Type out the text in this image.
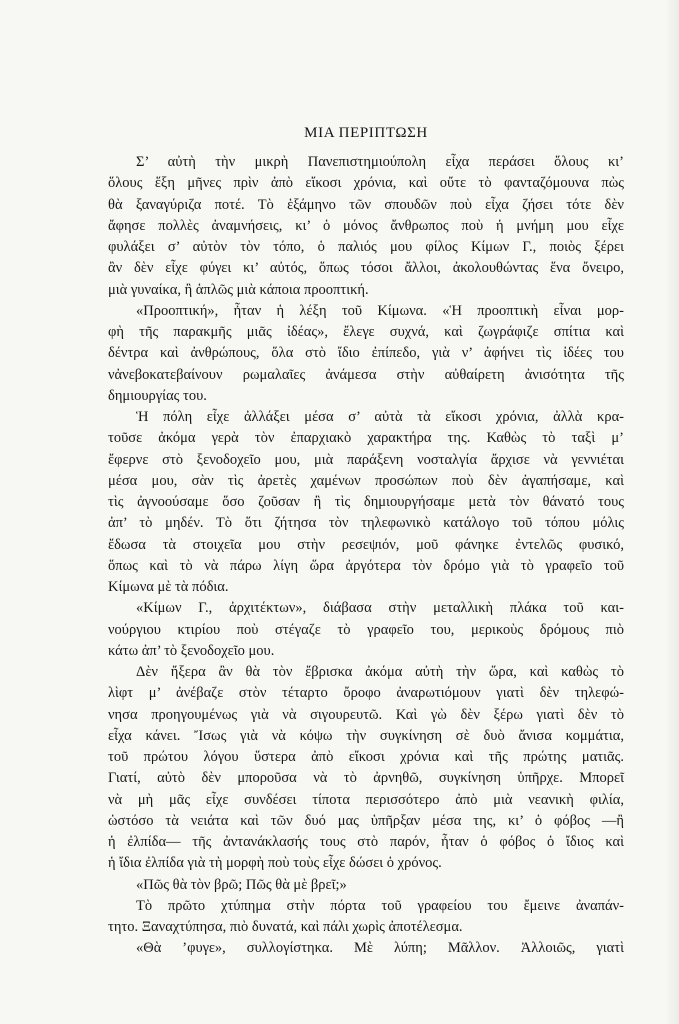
ΜΙΑ ΠΕΡΙΠΤΩΣΗ
Σ’ αὐτὴ τὴν μικρὴ Πανεπιστημιούπολη εἶχα περάσει ὅλους κι’
ὅλους ἕξη μῆνες πρὶν ἀπὸ εἴκοσι χρόνια, καὶ οὔτε τὸ φανταζόμουνα πὼς
θὰ ξαναγύριζα ποτέ. Τὸ ἑξάμηνο τῶν σπουδῶν ποὺ εἶχα ζήσει τότε δὲν
ἄφησε πολλὲς ἀναμνήσεις, κι’ ὁ μόνος ἄνθρωπος ποὺ ἡ μνήμη μου εἶχε
φυλάξει σ’ αὐτὸν τὸν τόπο, ὁ παλιός μου φίλος Κίμων Γ., ποιὸς ξέρει
ἂν δὲν εἶχε φύγει κι’ αὐτός, ὅπως τόσοι ἄλλοι, ἀκολουθώντας ἕνα ὄνειρο,
μιὰ γυναίκα, ἢ ἁπλῶς μιὰ κάποια προοπτική.
«Προοπτική», ἦταν ἡ λέξη τοῦ Κίμωνα. «Ἡ προοπτικὴ εἶναι μορ-
φὴ τῆς παρακμῆς μιᾶς ἰδέας», ἔλεγε συχνά, καὶ ζωγράφιζε σπίτια καὶ
δέντρα καὶ ἀνθρώπους, ὅλα στὸ ἴδιο ἐπίπεδο, γιὰ ν’ ἀφήνει τὶς ἰδέες του
νἀνεβοκατεβαίνουν ρωμαλαῖες ἀνάμεσα στὴν αὐθαίρετη ἀνισότητα τῆς
δημιουργίας του.
Ἡ πόλη εἶχε ἀλλάξει μέσα σ’ αὐτὰ τὰ εἴκοσι χρόνια, ἀλλὰ κρα-
τοῦσε ἀκόμα γερὰ τὸν ἐπαρχιακὸ χαρακτήρα της. Καθὼς τὸ ταξὶ μ’
ἔφερνε στὸ ξενοδοχεῖο μου, μιὰ παράξενη νοσταλγία ἄρχισε νὰ γεννιέται
μέσα μου, σὰν τὶς ἀρετὲς χαμένων προσώπων ποὺ δὲν ἀγαπήσαμε, καὶ
τὶς ἀγνοούσαμε ὅσο ζοῦσαν ἢ τὶς δημιουργήσαμε μετὰ τὸν θάνατό τους
ἀπ’ τὸ μηδέν. Τὸ ὅτι ζήτησα τὸν τηλεφωνικὸ κατάλογο τοῦ τόπου μόλις
ἔδωσα τὰ στοιχεῖα μου στὴν ρεσεψιόν, μοῦ φάνηκε ἐντελῶς φυσικό,
ὅπως καὶ τὸ νὰ πάρω λίγη ὥρα ἀργότερα τὸν δρόμο γιὰ τὸ γραφεῖο τοῦ
Κίμωνα μὲ τὰ πόδια.
«Κίμων Γ., ἀρχιτέκτων», διάβασα στὴν μεταλλικὴ πλάκα τοῦ και-
νούργιου κτιρίου ποὺ στέγαζε τὸ γραφεῖο του, μερικοὺς δρόμους πιὸ
κάτω ἀπ’ τὸ ξενοδοχεῖο μου.
Δὲν ἤξερα ἂν θὰ τὸν ἔβρισκα ἀκόμα αὐτὴ τὴν ὥρα, καὶ καθὼς τὸ
λὶφτ μ’ ἀνέβαζε στὸν τέταρτο ὄροφο ἀναρωτιόμουν γιατὶ δὲν τηλεφώ-
νησα προηγουμένως γιὰ νὰ σιγουρευτῶ. Καὶ γὼ δὲν ξέρω γιατὶ δὲν τὸ
εἶχα κάνει. Ἴσως γιὰ νὰ κόψω τὴν συγκίνηση σὲ δυὸ ἄνισα κομμάτια,
τοῦ πρώτου λόγου ὕστερα ἀπὸ εἴκοσι χρόνια καὶ τῆς πρώτης ματιᾶς.
Γιατί, αὐτὸ δὲν μποροῦσα νὰ τὸ ἀρνηθῶ, συγκίνηση ὑπῆρχε. Μπορεῖ
νὰ μὴ μᾶς εἶχε συνδέσει τίποτα περισσότερο ἀπὸ μιὰ νεανικὴ φιλία,
ὡστόσο τὰ νειάτα καὶ τῶν δυό μας ὑπῆρξαν μέσα της, κι’ ὁ φόβος —ἢ
ἡ ἐλπίδα— τῆς ἀντανάκλασής τους στὸ παρόν, ἦταν ὁ φόβος ὁ ἴδιος καὶ
ἡ ἴδια ἐλπίδα γιὰ τὴ μορφὴ ποὺ τοὺς εἶχε δώσει ὁ χρόνος.
«Πῶς θὰ τὸν βρῶ; Πῶς θὰ μὲ βρεῖ;»
Τὸ πρῶτο χτύπημα στὴν πόρτα τοῦ γραφείου του ἔμεινε ἀναπάν-
τητο. Ξαναχτύπησα, πιὸ δυνατά, καὶ πάλι χωρὶς ἀποτέλεσμα.
«Θὰ ’φυγε», συλλογίστηκα. Μὲ λύπη; Μᾶλλον. Ἀλλοιῶς, γιατὶ
